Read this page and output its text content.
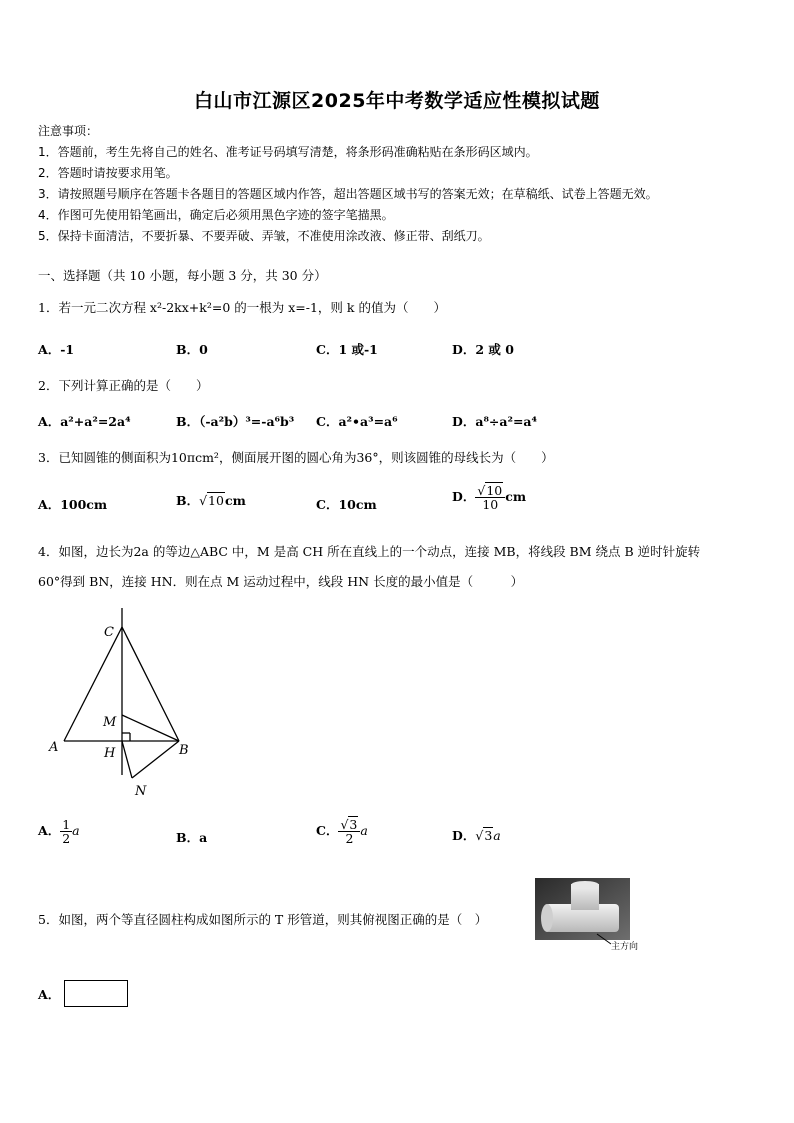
白山市江源区2025年中考数学适应性模拟试题
注意事项：
1．答题前，考生先将自己的姓名、准考证号码填写清楚，将条形码准确粘贴在条形码区域内。
2．答题时请按要求用笔。
3．请按照题号顺序在答题卡各题目的答题区域内作答，超出答题区域书写的答案无效；在草稿纸、试卷上答题无效。
4．作图可先使用铅笔画出，确定后必须用黑色字迹的签字笔描黑。
5．保持卡面清洁，不要折暴、不要弄破、弄皱，不准使用涂改液、修正带、刮纸刀。
一、选择题（共 10 小题，每小题 3 分，共 30 分）
1．若一元二次方程 x²-2kx+k²=0 的一根为 x=-1，则 k 的值为（　　）
A．-1	B．0	C．1 或-1	D．2 或 0
2．下列计算正确的是（　　）
A．a²+a²=2a⁴	B．（-a²b）³=-a⁶b³ C．a²•a³=a⁶	D．a⁸÷a²=a⁴
3．已知圆锥的侧面积为10πcm²，侧面展开图的圆心角为36°，则该圆锥的母线长为（　　）
A．100cm	B．√10cm	C．10cm
D． $\frac{√10}{10}$ cm
4．如图，边长为2a 的等边△ABC 中，M 是高 CH 所在直线上的一个动点，连接 MB，将线段 BM 绕点 B 逆时针旋转
60°得到 BN，连接 HN．则在点 M 运动过程中，线段 HN 长度的最小值是（　　　）
C
M
A	H	B
N
A． $\frac{1}{2}$ a	B．a	C． $\frac{√3}{2}$ a	D．√3a
5．如图，两个等直径圆柱构成如图所示的 T 形管道，则其俯视图正确的是（　）
主方向
A．
